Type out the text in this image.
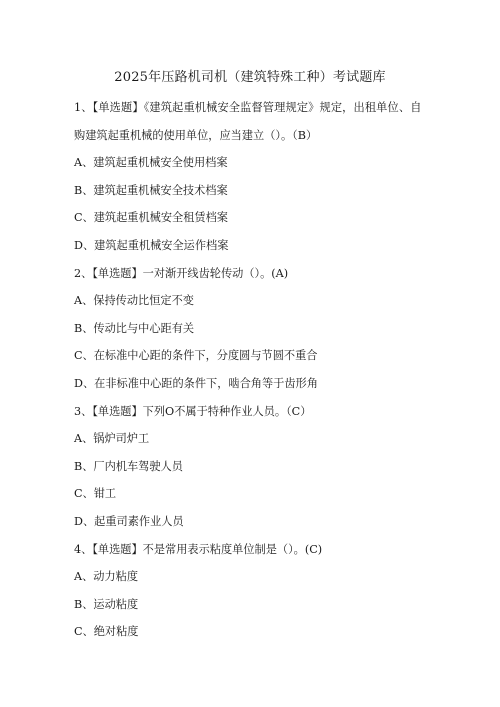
2025年压路机司机（建筑特殊工种）考试题库
1、【单选题】《建筑起重机械安全监督管理规定》规定，出租单位、自
购建筑起重机械的使用单位，应当建立（）。（B）
A、建筑起重机械安全使用档案
B、建筑起重机械安全技术档案
C、建筑起重机械安全租赁档案
D、建筑起重机械安全运作档案
2、【单选题】一对渐开线齿轮传动（）。(A)
A、保持传动比恒定不变
B、传动比与中心距有关
C、在标准中心距的条件下，分度圆与节圆不重合
D、在非标准中心距的条件下，啮合角等于齿形角
3、【单选题】下列O不属于特种作业人员。（C）
A、锅炉司炉工
B、厂内机车驾驶人员
C、钳工
D、起重司素作业人员
4、【单选题】不是常用表示粘度单位制是（）。(C)
A、动力粘度
B、运动粘度
C、绝对粘度
